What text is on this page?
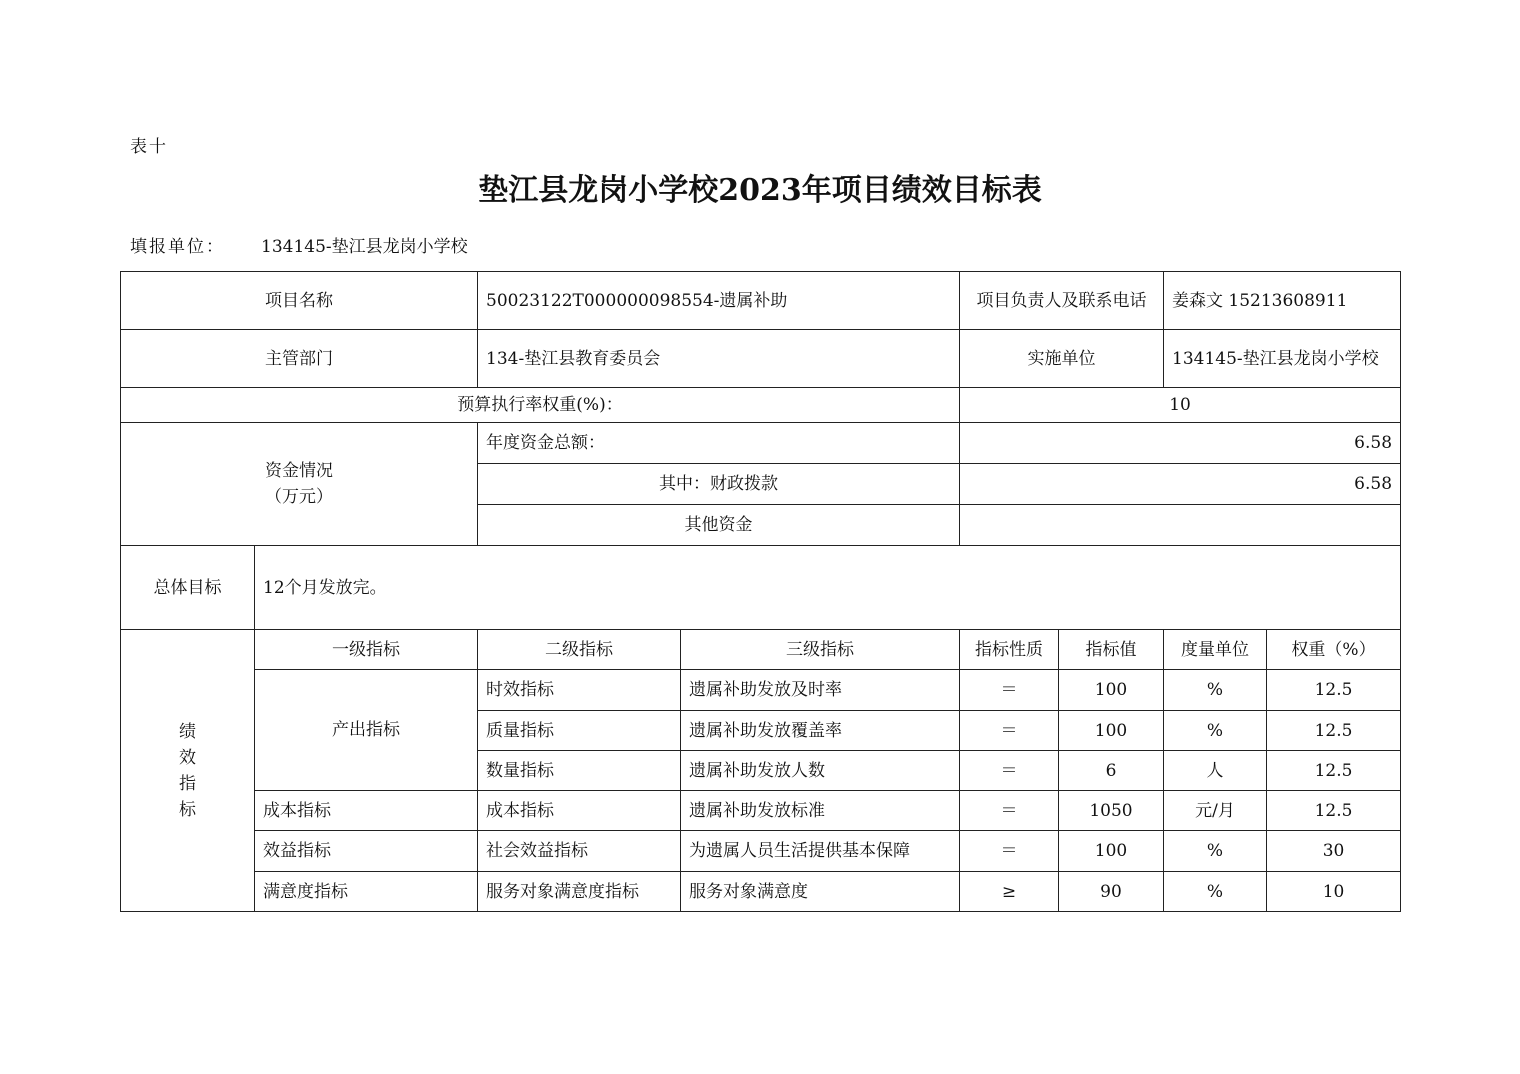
表十
垫江县龙岗小学校2023年项目绩效目标表
填报单位： 134145-垫江县龙岗小学校
项目名称		50023122T000000098554-遗属补助		项目负责人及联系电话		姜森文 15213608911	
主管部门		134-垫江县教育委员会		实施单位		134145-垫江县龙岗小学校	
预算执行率权重(%)：				10			

资金情况
（万元）		年度资金总额：		6.58			
		其中：财政拨款		6.58			
		其他资金					
总体目标	12个月发放完。						

绩
效
指
标	一级指标	二级指标	三级指标	指标性质	指标值	度量单位	权重（%）
	产出指标	时效指标	遗属补助发放及时率	＝	100	%	12.5
		质量指标	遗属补助发放覆盖率	＝	100	%	12.5
		数量指标	遗属补助发放人数	＝	6	人	12.5
	成本指标	成本指标	遗属补助发放标准	＝	1050	元/月	12.5
	效益指标	社会效益指标	为遗属人员生活提供基本保障	＝	100	%	30
	满意度指标	服务对象满意度指标	服务对象满意度	≥	90	%	10
